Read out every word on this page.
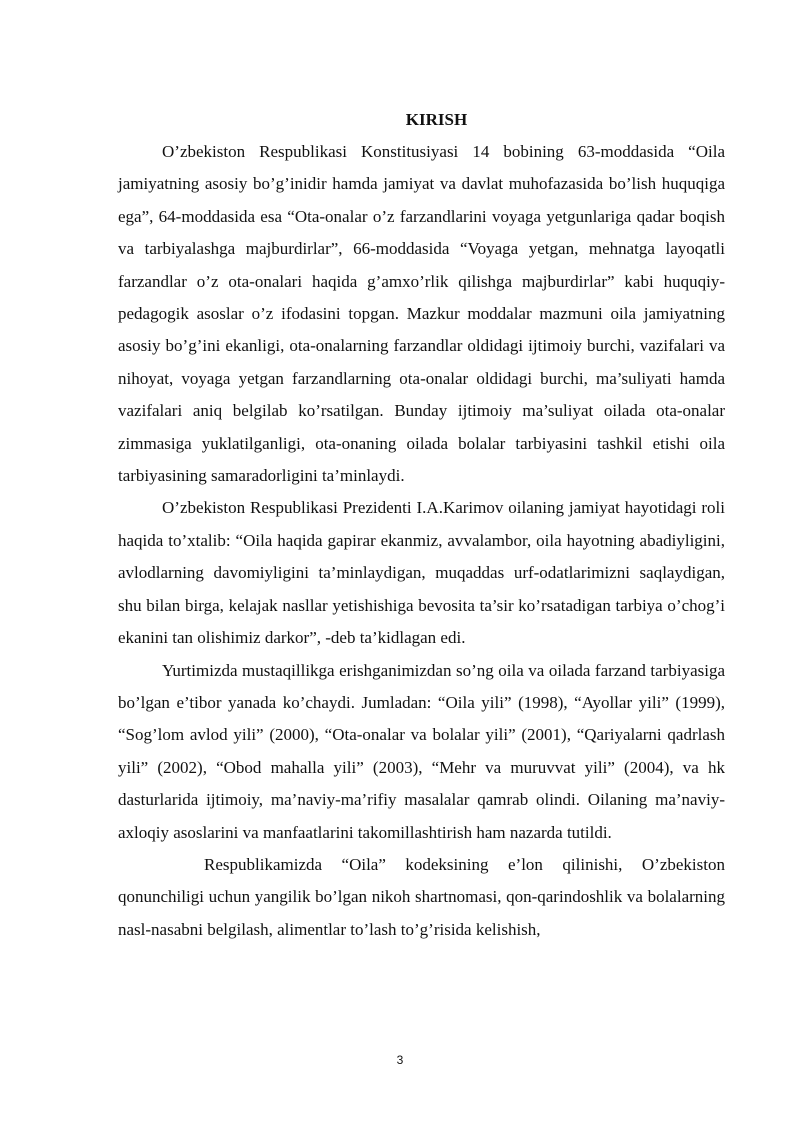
KIRISH

O’zbekiston Respublikasi Konstitusiyasi 14 bobining 63-moddasida “Oila jamiyatning asosiy bo’g’inidir hamda jamiyat va davlat muhofazasida bo’lish huquqiga ega”, 64-moddasida esa “Ota-onalar o’z farzandlarini voyaga yetgunlariga qadar boqish va tarbiyalashga majburdirlar”, 66-moddasida “Voyaga yetgan, mehnatga layoqatli farzandlar o’z ota-onalari haqida g’amxo’rlik qilishga majburdirlar” kabi huquqiy-pedagogik asoslar o’z ifodasini topgan. Mazkur moddalar mazmuni oila jamiyatning asosiy bo’g’ini ekanligi, ota-onalarning farzandlar oldidagi ijtimoiy burchi, vazifalari va nihoyat, voyaga yetgan farzandlarning ota-onalar oldidagi burchi, ma’suliyati hamda vazifalari aniq belgilab ko’rsatilgan. Bunday ijtimoiy ma’suliyat oilada ota-onalar zimmasiga yuklatilganligi, ota-onaning oilada bolalar tarbiyasini tashkil etishi oila tarbiyasining samaradorligini ta’minlaydi.

O’zbekiston Respublikasi Prezidenti I.A.Karimov oilaning jamiyat hayotidagi roli haqida to’xtalib: “Oila haqida gapirar ekanmiz, avvalambor, oila hayotning abadiyligini, avlodlarning davomiyligini ta’minlaydigan, muqaddas urf-odatlarimizni saqlaydigan, shu bilan birga, kelajak nasllar yetishishiga bevosita ta’sir ko’rsatadigan tarbiya o’chog’i ekanini tan olishimiz darkor”, -deb ta’kidlagan edi.

Yurtimizda mustaqillikga erishganimizdan so’ng oila va oilada farzand tarbiyasiga bo’lgan e’tibor yanada ko’chaydi. Jumladan: “Oila yili” (1998), “Ayollar yili” (1999), “Sog’lom avlod yili” (2000), “Ota-onalar va bolalar yili” (2001), “Qariyalarni qadrlash yili” (2002), “Obod mahalla yili” (2003), “Mehr va muruvvat yili” (2004), va hk dasturlarida ijtimoiy, ma’naviy-ma’rifiy masalalar qamrab olindi. Oilaning ma’naviy-axloqiy asoslarini va manfaatlarini takomillashtirish ham nazarda tutildi.

Respublikamizda “Oila” kodeksining e’lon qilinishi, O’zbekiston qonunchiligi uchun yangilik bo’lgan nikoh shartnomasi, qon-qarindoshlik va bolalarning nasl-nasabni belgilash, alimentlar to’lash to’g’risida kelishish,

3
